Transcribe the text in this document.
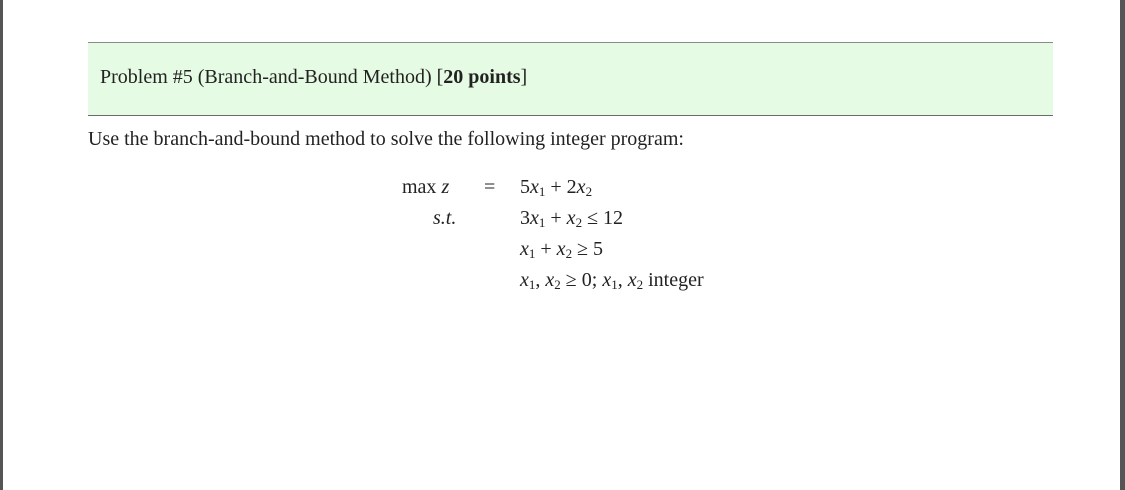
Problem #5 (Branch-and-Bound Method) [20 points]
Use the branch-and-bound method to solve the following integer program:
$\max z = 5x_1 + 2x_2$
s.t.	$3x_1 + x_2 \le 12$
$x_1 + x_2 \ge 5$
$x_1$, $x_2 \ge 0$; $x_1$, $x_2$ integer
